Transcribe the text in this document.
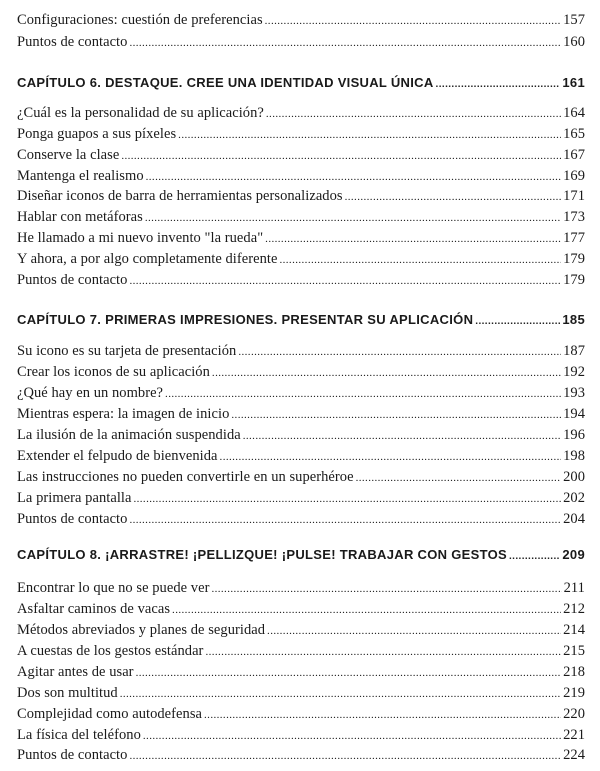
Configuraciones: cuestión de preferencias .....	157
Puntos de contacto .....	160
CAPÍTULO 6. DESTAQUE. CREE UNA IDENTIDAD VISUAL ÚNICA .....	161
¿Cuál es la personalidad de su aplicación? .....	164
Ponga guapos a sus píxeles .....	165
Conserve la clase .....	167
Mantenga el realismo .....	169
Diseñar iconos de barra de herramientas personalizados .....	171
Hablar con metáforas .....	173
He llamado a mi nuevo invento "la rueda" .....	177
Y ahora, a por algo completamente diferente .....	179
Puntos de contacto .....	179
CAPÍTULO 7. PRIMERAS IMPRESIONES. PRESENTAR SU APLICACIÓN .....	185
Su icono es su tarjeta de presentación .....	187
Crear los iconos de su aplicación .....	192
¿Qué hay en un nombre? .....	193
Mientras espera: la imagen de inicio .....	194
La ilusión de la animación suspendida .....	196
Extender el felpudo de bienvenida .....	198
Las instrucciones no pueden convertirle en un superhéroe .....	200
La primera pantalla .....	202
Puntos de contacto .....	204
CAPÍTULO 8. ¡ARRASTRE! ¡PELLIZQUE! ¡PULSE! TRABAJAR CON GESTOS .....	209
Encontrar lo que no se puede ver .....	211
Asfaltar caminos de vacas .....	212
Métodos abreviados y planes de seguridad .....	214
A cuestas de los gestos estándar .....	215
Agitar antes de usar .....	218
Dos son multitud .....	219
Complejidad como autodefensa .....	220
La física del teléfono .....	221
Puntos de contacto .....	224
